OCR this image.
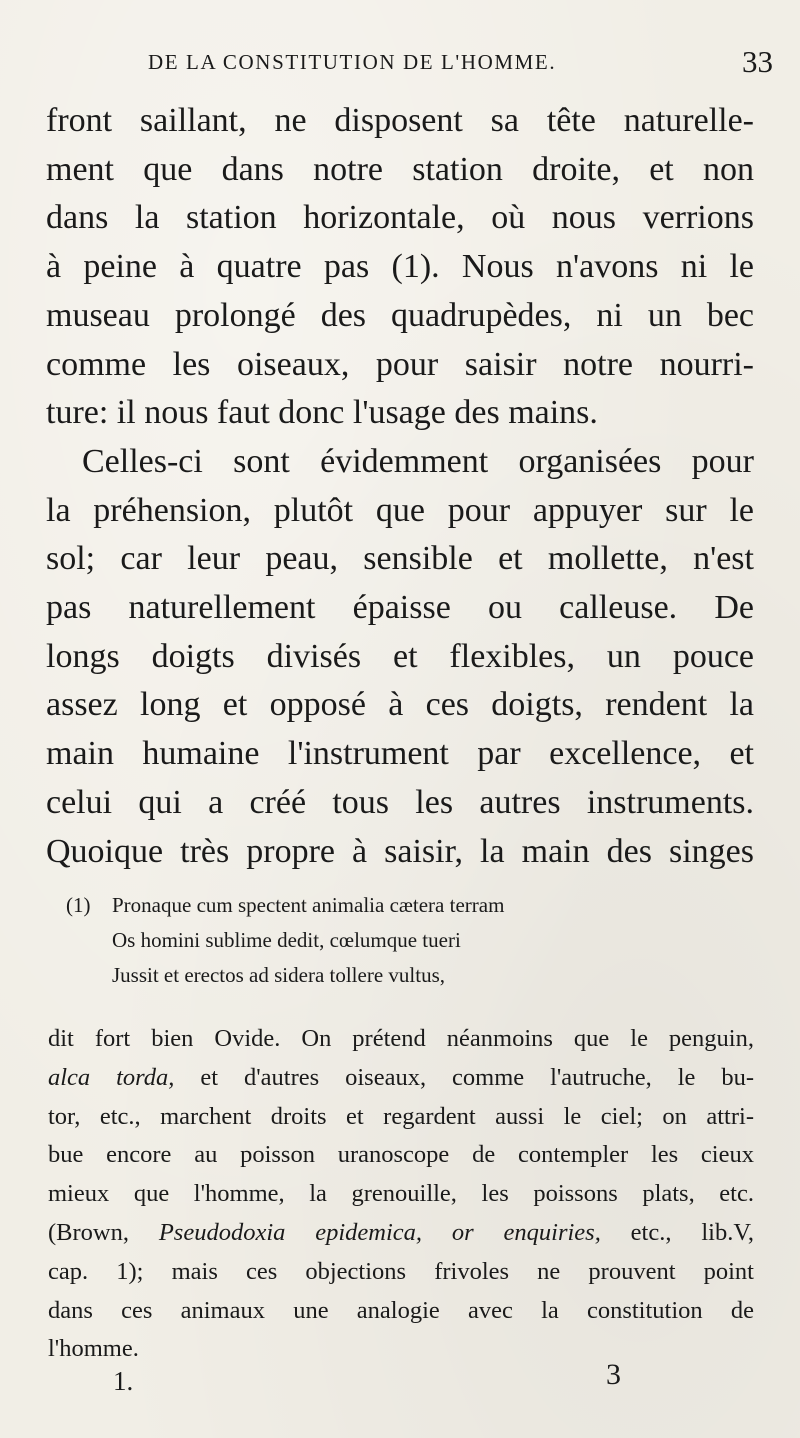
DE LA CONSTITUTION DE L'HOMME.	33
front saillant, ne disposent sa tête naturelle-
ment que dans notre station droite, et non
dans la station horizontale, où nous verrions
à peine à quatre pas (1). Nous n'avons ni le
museau prolongé des quadrupèdes, ni un bec
comme les oiseaux, pour saisir notre nourri-
ture: il nous faut donc l'usage des mains.
Celles-ci sont évidemment organisées pour
la préhension, plutôt que pour appuyer sur le
sol; car leur peau, sensible et mollette, n'est
pas naturellement épaisse ou calleuse. De
longs doigts divisés et flexibles, un pouce
assez long et opposé à ces doigts, rendent la
main humaine l'instrument par excellence, et
celui qui a créé tous les autres instruments.
Quoique très propre à saisir, la main des singes
(1) Pronaque cum spectent animalia cætera terram
Os homini sublime dedit, cœlumque tueri
Jussit et erectos ad sidera tollere vultus,
dit fort bien Ovide. On prétend néanmoins que le penguin,
alca torda, et d'autres oiseaux, comme l'autruche, le bu-
tor, etc., marchent droits et regardent aussi le ciel; on attri-
bue encore au poisson uranoscope de contempler les cieux
mieux que l'homme, la grenouille, les poissons plats, etc.
(Brown, Pseudodoxia epidemica, or enquiries, etc., lib.V,
cap. 1); mais ces objections frivoles ne prouvent point
dans ces animaux une analogie avec la constitution de
l'homme.
1.	3
